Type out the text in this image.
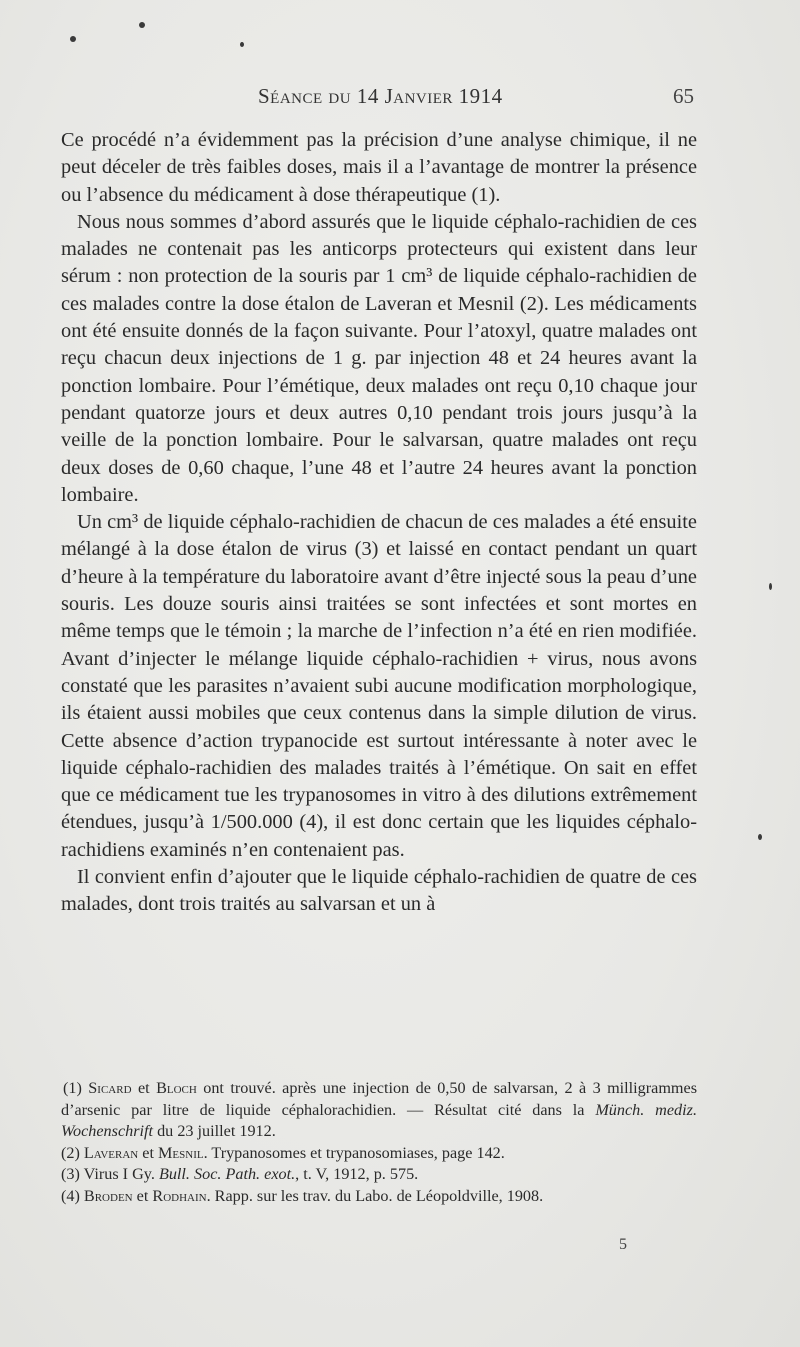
Séance du 14 Janvier 1914	65

Ce procédé n’a évidemment pas la précision d’une analyse chimique, il ne peut déceler de très faibles doses, mais il a l’avantage de montrer la présence ou l’absence du médicament à dose thérapeutique (1).

Nous nous sommes d’abord assurés que le liquide céphalo-rachidien de ces malades ne contenait pas les anticorps protecteurs qui existent dans leur sérum : non protection de la souris par 1 cm³ de liquide céphalo-rachidien de ces malades contre la dose étalon de Laveran et Mesnil (2). Les médicaments ont été ensuite donnés de la façon suivante. Pour l’atoxyl, quatre malades ont reçu chacun deux injections de 1 g. par injection 48 et 24 heures avant la ponction lombaire. Pour l’émétique, deux malades ont reçu 0,10 chaque jour pendant quatorze jours et deux autres 0,10 pendant trois jours jusqu’à la veille de la ponction lombaire. Pour le salvarsan, quatre malades ont reçu deux doses de 0,60 chaque, l’une 48 et l’autre 24 heures avant la ponction lombaire.

Un cm³ de liquide céphalo-rachidien de chacun de ces malades a été ensuite mélangé à la dose étalon de virus (3) et laissé en contact pendant un quart d’heure à la température du laboratoire avant d’être injecté sous la peau d’une souris. Les douze souris ainsi traitées se sont infectées et sont mortes en même temps que le témoin ; la marche de l’infection n’a été en rien modifiée. Avant d’injecter le mélange liquide céphalo-rachidien + virus, nous avons constaté que les parasites n’avaient subi aucune modification morphologique, ils étaient aussi mobiles que ceux contenus dans la simple dilution de virus. Cette absence d’action trypanocide est surtout intéressante à noter avec le liquide céphalo-rachidien des malades traités à l’émétique. On sait en effet que ce médicament tue les trypanosomes in vitro à des dilutions extrêmement étendues, jusqu’à 1/500.000 (4), il est donc certain que les liquides céphalo-rachidiens examinés n’en contenaient pas.

Il convient enfin d’ajouter que le liquide céphalo-rachidien de quatre de ces malades, dont trois traités au salvarsan et un à

(1) Sicard et Bloch ont trouvé. après une injection de 0,50 de salvarsan, 2 à 3 milligrammes d’arsenic par litre de liquide céphalorachidien. — Résultat cité dans la Münch. mediz. Wochenschrift du 23 juillet 1912.

(2) Laveran et Mesnil. Trypanosomes et trypanosomiases, page 142.

(3) Virus I Gy. Bull. Soc. Path. exot., t. V, 1912, p. 575.

(4) Broden et Rodhain. Rapp. sur les trav. du Labo. de Léopoldville, 1908.

5
